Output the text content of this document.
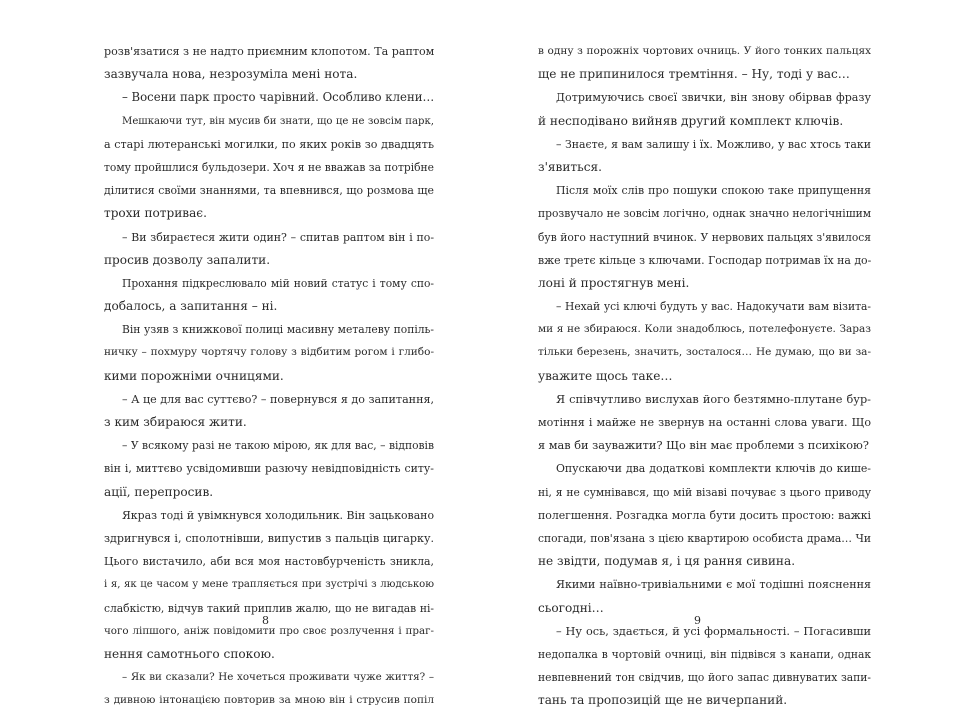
розв'язатися з не надто приємним клопотом. Та раптом
зазвучала нова, незрозуміла мені нота.
– Восени парк просто чарівний. Особливо клени…
Мешкаючи тут, він мусив би знати, що це не зовсім парк,
а старі лютеранські могилки, по яких років зо двадцять
тому пройшлися бульдозери. Хоч я не вважав за потрібне
ділитися своїми знаннями, та впевнився, що розмова ще
трохи потриває.
– Ви збираєтеся жити один? – спитав раптом він і по-
просив дозволу запалити.
Прохання підкреслювало мій новий статус і тому спо-
добалось, а запитання – ні.
Він узяв з книжкової полиці масивну металеву попіль-
ничку – похмуру чортячу голову з відбитим рогом і глибо-
кими порожніми очницями.
– А це для вас суттєво? – повернувся я до запитання,
з ким збираюся жити.
– У всякому разі не такою мірою, як для вас, – відповів
він і, миттєво усвідомивши разючу невідповідність ситу-
ації, перепросив.
Якраз тоді й увімкнувся холодильник. Він зацьковано
здригнувся і, сполотнівши, випустив з пальців цигарку.
Цього вистачило, аби вся моя настовбурченість зникла,
і я, як це часом у мене трапляється при зустрічі з людською
слабкістю, відчув такий приплив жалю, що не вигадав ні-
чого ліпшого, аніж повідомити про своє розлучення і праг-
нення самотнього спокою.
– Як ви сказали? Не хочеться проживати чуже життя? –
з дивною інтонацією повторив за мною він і струсив попіл
в одну з порожніх чортових очниць. У його тонких пальцях
ще не припинилося тремтіння. – Ну, тоді у вас…
Дотримуючись своєї звички, він знову обірвав фразу
й несподівано вийняв другий комплект ключів.
– Знаєте, я вам залишу і їх. Можливо, у вас хтось таки
з'явиться.
Після моїх слів про пошуки спокою таке припущення
прозвучало не зовсім логічно, однак значно нелогічнішим
був його наступний вчинок. У нервових пальцях з'явилося
вже третє кільце з ключами. Господар потримав їх на до-
лоні й простягнув мені.
– Нехай усі ключі будуть у вас. Надокучати вам візита-
ми я не збираюся. Коли знадоблюсь, потелефонуєте. Зараз
тільки березень, значить, зосталося… Не думаю, що ви за-
уважите щось таке…
Я співчутливо вислухав його безтямно-плутане бур-
мотіння і майже не звернув на останні слова уваги. Що
я мав би зауважити? Що він має проблеми з психікою?
Опускаючи два додаткові комплекти ключів до кише-
ні, я не сумнівався, що мій візаві почуває з цього приводу
полегшення. Розгадка могла бути досить простою: важкі
спогади, пов'язана з цією квартирою особиста драма… Чи
не звідти, подумав я, і ця рання сивина.
Якими наївно-тривіальними є мої тодішні пояснення
сьогодні…
– Ну ось, здається, й усі формальності. – Погасивши
недопалка в чортовій очниці, він підвівся з канапи, однак
невпевнений тон свідчив, що його запас дивнуватих запи-
тань та пропозицій ще не вичерпаний.
8	9
